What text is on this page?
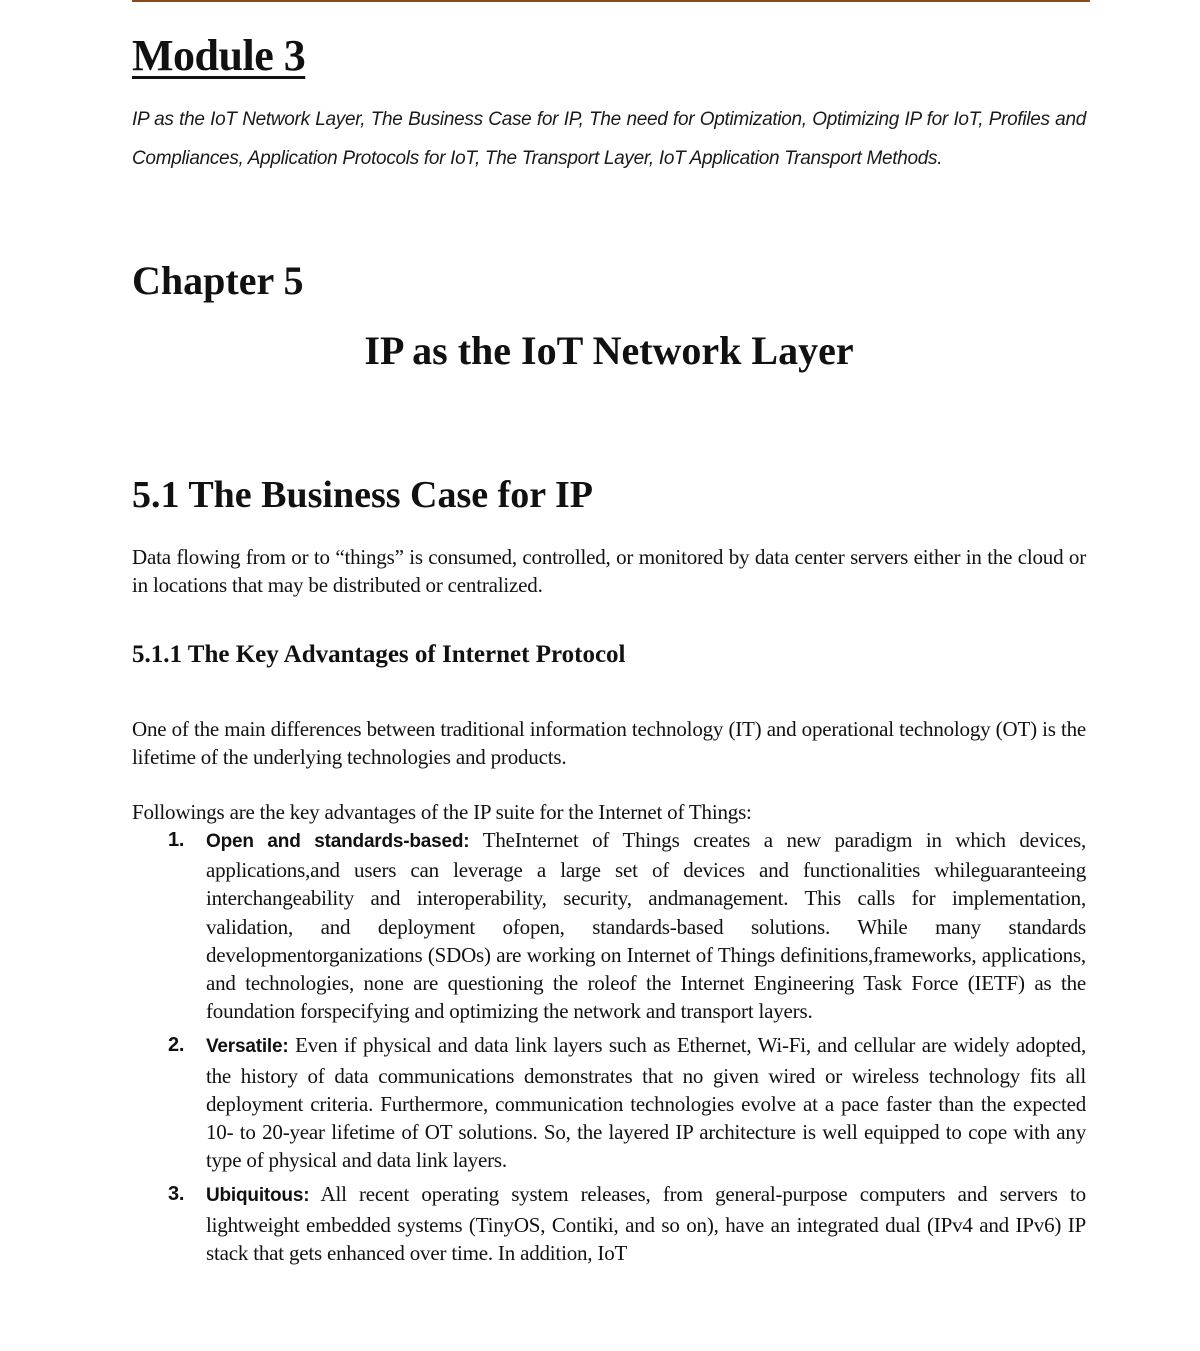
Module 3

IP as the IoT Network Layer, The Business Case for IP, The need for Optimization, Optimizing IP for IoT, Profiles and Compliances, Application Protocols for IoT, The Transport Layer, IoT Application Transport Methods.

Chapter 5
IP as the IoT Network Layer
5.1 The Business Case for IP

Data flowing from or to “things” is consumed, controlled, or monitored by data center servers either in the cloud or in locations that may be distributed or centralized.

5.1.1 The Key Advantages of Internet Protocol

One of the main differences between traditional information technology (IT) and operational technology (OT) is the lifetime of the underlying technologies and products.

Followings are the key advantages of the IP suite for the Internet of Things:

1. Open and standards-based: TheInternet of Things creates a new paradigm in which devices, applications,and users can leverage a large set of devices and functionalities whileguaranteeing interchangeability and interoperability, security, andmanagement. This calls for implementation, validation, and deployment ofopen, standards-based solutions. While many standards developmentorganizations (SDOs) are working on Internet of Things definitions,frameworks, applications, and technologies, none are questioning the roleof the Internet Engineering Task Force (IETF) as the foundation forspecifying and optimizing the network and transport layers.
2. Versatile: Even if physical and data link layers such as Ethernet, Wi-Fi, and cellular are widely adopted, the history of data communications demonstrates that no given wired or wireless technology fits all deployment criteria. Furthermore, communication technologies evolve at a pace faster than the expected 10- to 20-year lifetime of OT solutions. So, the layered IP architecture is well equipped to cope with any type of physical and data link layers.
3. Ubiquitous: All recent operating system releases, from general-purpose computers and servers to lightweight embedded systems (TinyOS, Contiki, and so on), have an integrated dual (IPv4 and IPv6) IP stack that gets enhanced over time. In addition, IoT
